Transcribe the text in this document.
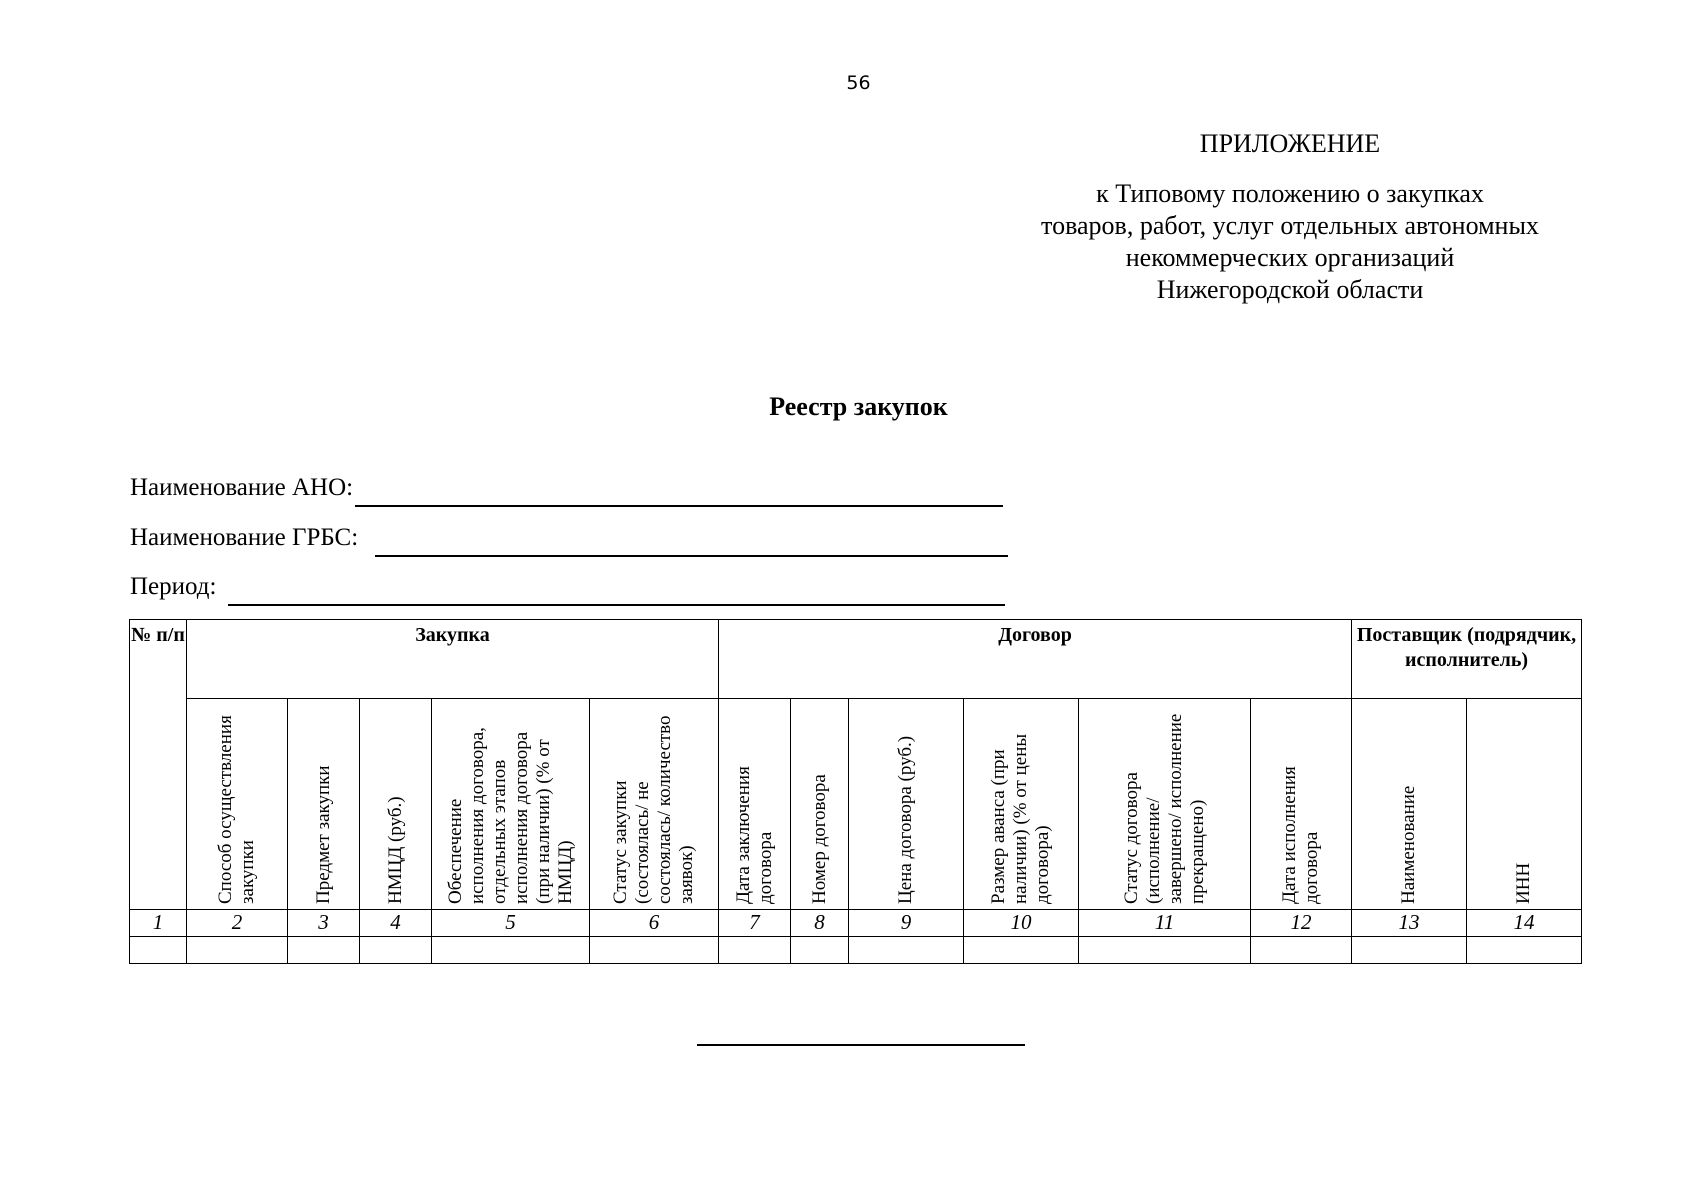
56
ПРИЛОЖЕНИЕ
к Типовому положению о закупках
товаров, работ, услуг отдельных автономных
некоммерческих организаций
Нижегородской области
Реестр закупок
Наименование АНО:
Наименование ГРБС:
Период:
№ п/п	Закупка					Договор						Поставщик (подрядчик, исполнитель)	

	Способ осуществления закупки	Предмет закупки	НМЦД (руб.)	Обеспечение исполнения договора, отдельных этапов исполнения договора (при наличии) (% от НМЦД)	Статус закупки (состоялась/ не состоялась/ количество заявок)	Дата заключения договора	Номер договора	Цена договора (руб.)	Размер аванса (при наличии) (% от цены договора)	Статус договора (исполнение/ завершено/ исполнение прекращено)	Дата исполнения договора	Наименование	ИНН

1	2	3	4	5	6	7	8	9	10	11	12	13	14
